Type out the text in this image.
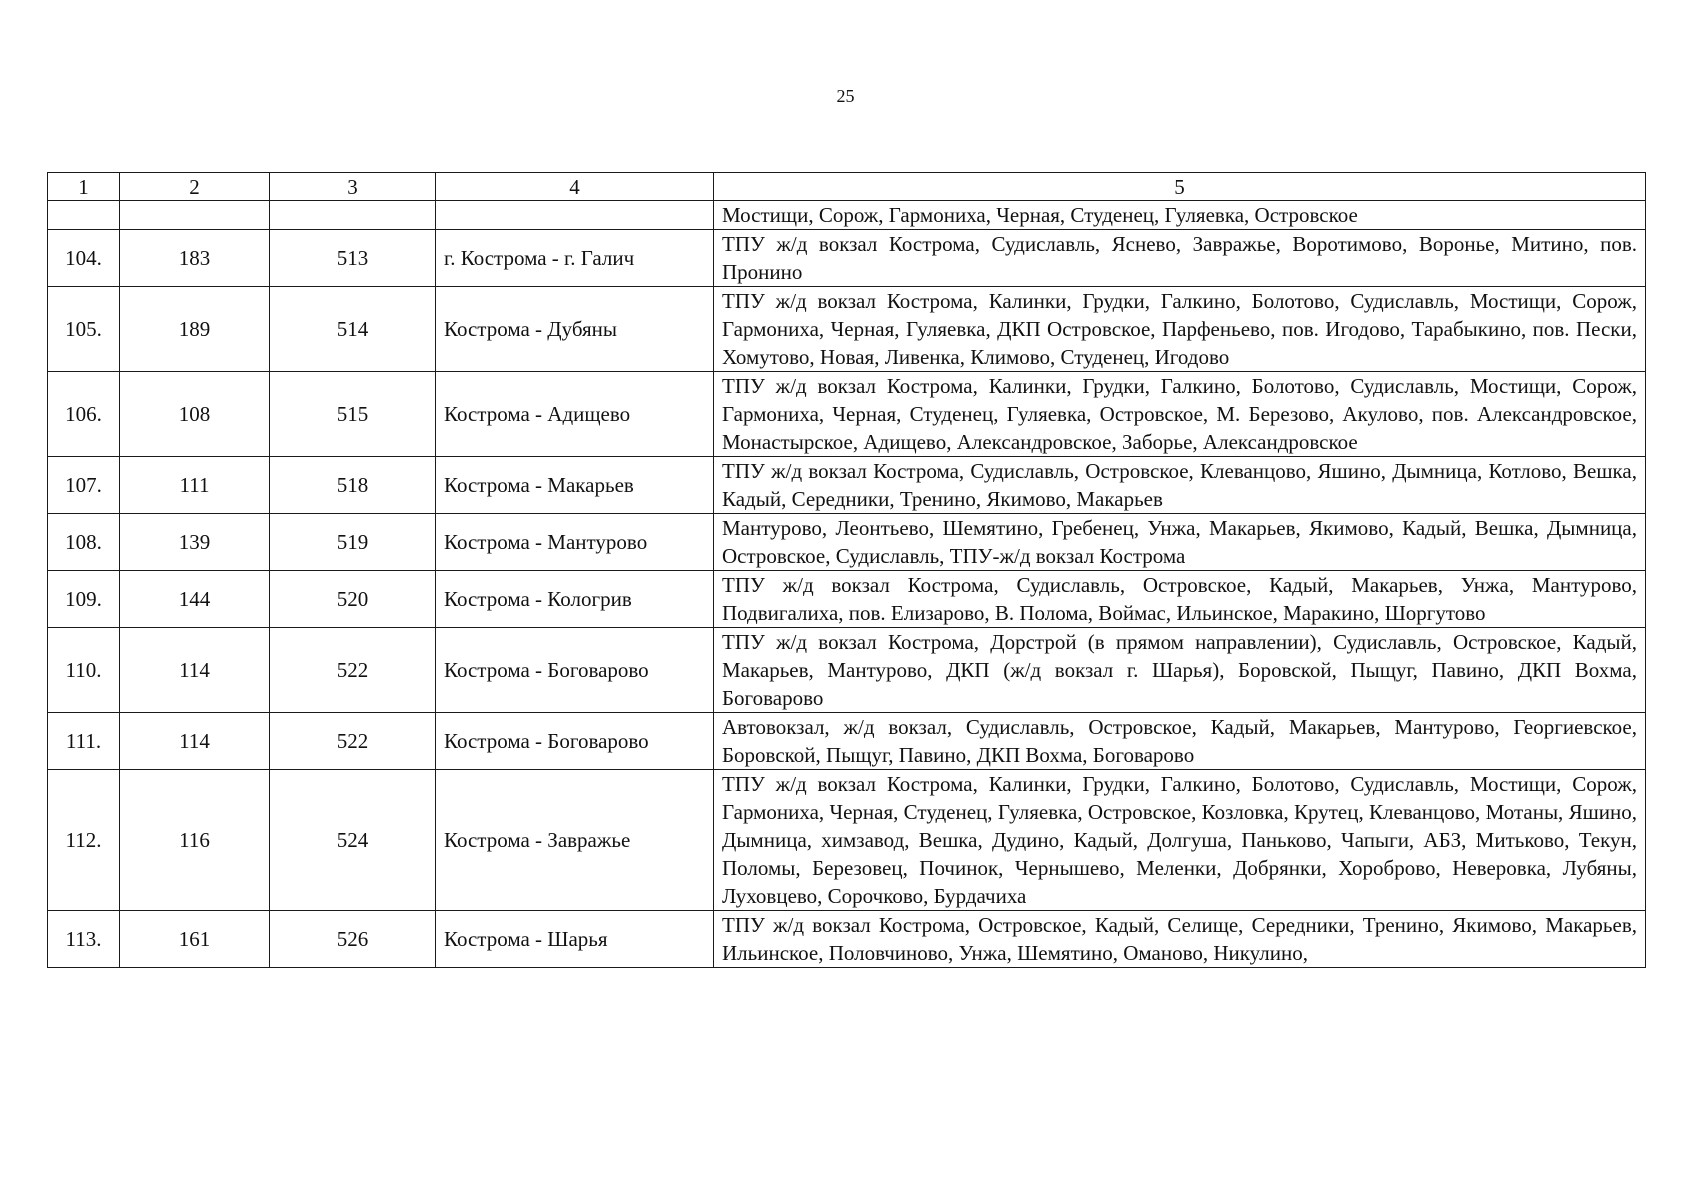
25
1	2	3	4	5
				Мостищи, Сорож, Гармониха, Черная, Студенец, Гуляевка, Островское
104.	183	513	г. Кострома - г. Галич	ТПУ ж/д вокзал Кострома, Судиславль, Яснево, Завражье, Воротимово, Воронье, Митино, пов. Пронино
105.	189	514	Кострома - Дубяны	ТПУ ж/д вокзал Кострома, Калинки, Грудки, Галкино, Болотово, Судиславль, Мостищи, Сорож, Гармониха, Черная, Гуляевка, ДКП Островское, Парфеньево, пов. Игодово, Тарабыкино, пов. Пески, Хомутово, Новая, Ливенка, Климово, Студенец, Игодово
106.	108	515	Кострома - Адищево	ТПУ ж/д вокзал Кострома, Калинки, Грудки, Галкино, Болотово, Судиславль, Мостищи, Сорож, Гармониха, Черная, Студенец, Гуляевка, Островское, М. Березово, Акулово, пов. Александровское, Монастырское, Адищево, Александровское, Заборье, Александровское
107.	111	518	Кострома - Макарьев	ТПУ ж/д вокзал Кострома, Судиславль, Островское, Клеванцово, Яшино, Дымница, Котлово, Вешка, Кадый, Середники, Тренино, Якимово, Макарьев
108.	139	519	Кострома - Мантурово	Мантурово, Леонтьево, Шемятино, Гребенец, Унжа, Макарьев, Якимово, Кадый, Вешка, Дымница, Островское, Судиславль, ТПУ-ж/д вокзал Кострома
109.	144	520	Кострома - Кологрив	ТПУ ж/д вокзал Кострома, Судиславль, Островское, Кадый, Макарьев, Унжа, Мантурово, Подвигалиха, пов. Елизарово, В. Полома, Воймас, Ильинское, Маракино, Шоргутово
110.	114	522	Кострома - Боговарово	ТПУ ж/д вокзал Кострома, Дорстрой (в прямом направлении), Судиславль, Островское, Кадый, Макарьев, Мантурово, ДКП (ж/д вокзал г. Шарья), Боровской, Пыщуг, Павино, ДКП Вохма, Боговарово
111.	114	522	Кострома - Боговарово	Автовокзал, ж/д вокзал, Судиславль, Островское, Кадый, Макарьев, Мантурово, Георгиевское, Боровской, Пыщуг, Павино, ДКП Вохма, Боговарово
112.	116	524	Кострома - Завражье	ТПУ ж/д вокзал Кострома, Калинки, Грудки, Галкино, Болотово, Судиславль, Мостищи, Сорож, Гармониха, Черная, Студенец, Гуляевка, Островское, Козловка, Крутец, Клеванцово, Мотаны, Яшино, Дымница, химзавод, Вешка, Дудино, Кадый, Долгуша, Паньково, Чапыги, АБЗ, Митьково, Текун, Поломы, Березовец, Починок, Чернышево, Меленки, Добрянки, Хороброво, Неверовка, Лубяны, Луховцево, Сорочково, Бурдачиха
113.	161	526	Кострома - Шарья	ТПУ ж/д вокзал Кострома, Островское, Кадый, Селище, Середники, Тренино, Якимово, Макарьев, Ильинское, Половчиново, Унжа, Шемятино, Оманово, Никулино,
